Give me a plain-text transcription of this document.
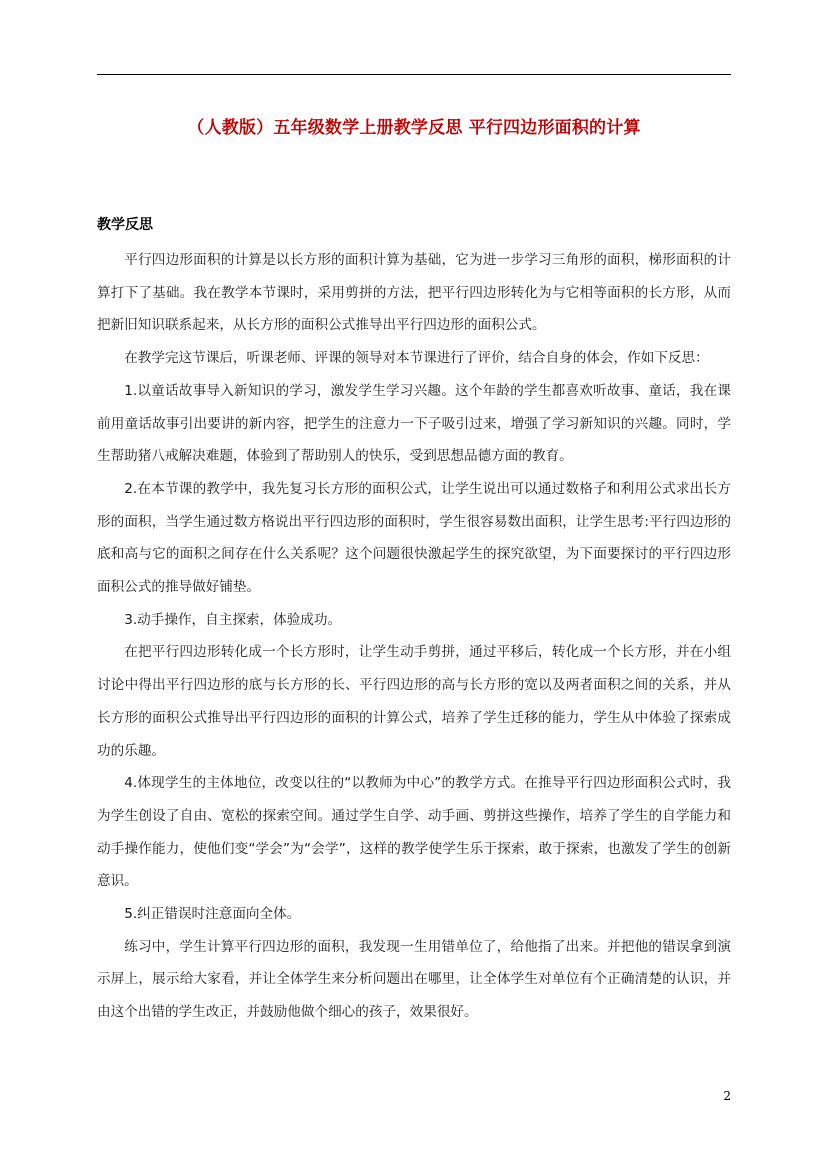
（人教版）五年级数学上册教学反思 平行四边形面积的计算
教学反思

平行四边形面积的计算是以长方形的面积计算为基础，它为进一步学习三角形的面积，梯形面积的计算打下了基础。我在教学本节课时，采用剪拼的方法，把平行四边形转化为与它相等面积的长方形，从而把新旧知识联系起来，从长方形的面积公式推导出平行四边形的面积公式。

在教学完这节课后，听课老师、评课的领导对本节课进行了评价，结合自身的体会，作如下反思：

1.以童话故事导入新知识的学习，激发学生学习兴趣。这个年龄的学生都喜欢听故事、童话，我在课前用童话故事引出要讲的新内容，把学生的注意力一下子吸引过来，增强了学习新知识的兴趣。同时，学生帮助猪八戒解决难题，体验到了帮助别人的快乐，受到思想品德方面的教育。

2.在本节课的教学中，我先复习长方形的面积公式，让学生说出可以通过数格子和利用公式求出长方形的面积，当学生通过数方格说出平行四边形的面积时，学生很容易数出面积，让学生思考:平行四边形的底和高与它的面积之间存在什么关系呢？这个问题很快激起学生的探究欲望，为下面要探讨的平行四边形面积公式的推导做好铺垫。

3.动手操作，自主探索，体验成功。

在把平行四边形转化成一个长方形时，让学生动手剪拼，通过平移后，转化成一个长方形，并在小组讨论中得出平行四边形的底与长方形的长、平行四边形的高与长方形的宽以及两者面积之间的关系，并从长方形的面积公式推导出平行四边形的面积的计算公式，培养了学生迁移的能力，学生从中体验了探索成功的乐趣。

4.体现学生的主体地位，改变以往的“以教师为中心”的教学方式。在推导平行四边形面积公式时，我为学生创设了自由、宽松的探索空间。通过学生自学、动手画、剪拼这些操作，培养了学生的自学能力和动手操作能力，使他们变“学会”为“会学”，这样的教学使学生乐于探索，敢于探索，也激发了学生的创新意识。

5.纠正错误时注意面向全体。

练习中，学生计算平行四边形的面积，我发现一生用错单位了，给他指了出来。并把他的错误拿到演示屏上，展示给大家看，并让全体学生来分析问题出在哪里，让全体学生对单位有个正确清楚的认识，并由这个出错的学生改正，并鼓励他做个细心的孩子，效果很好。

2
